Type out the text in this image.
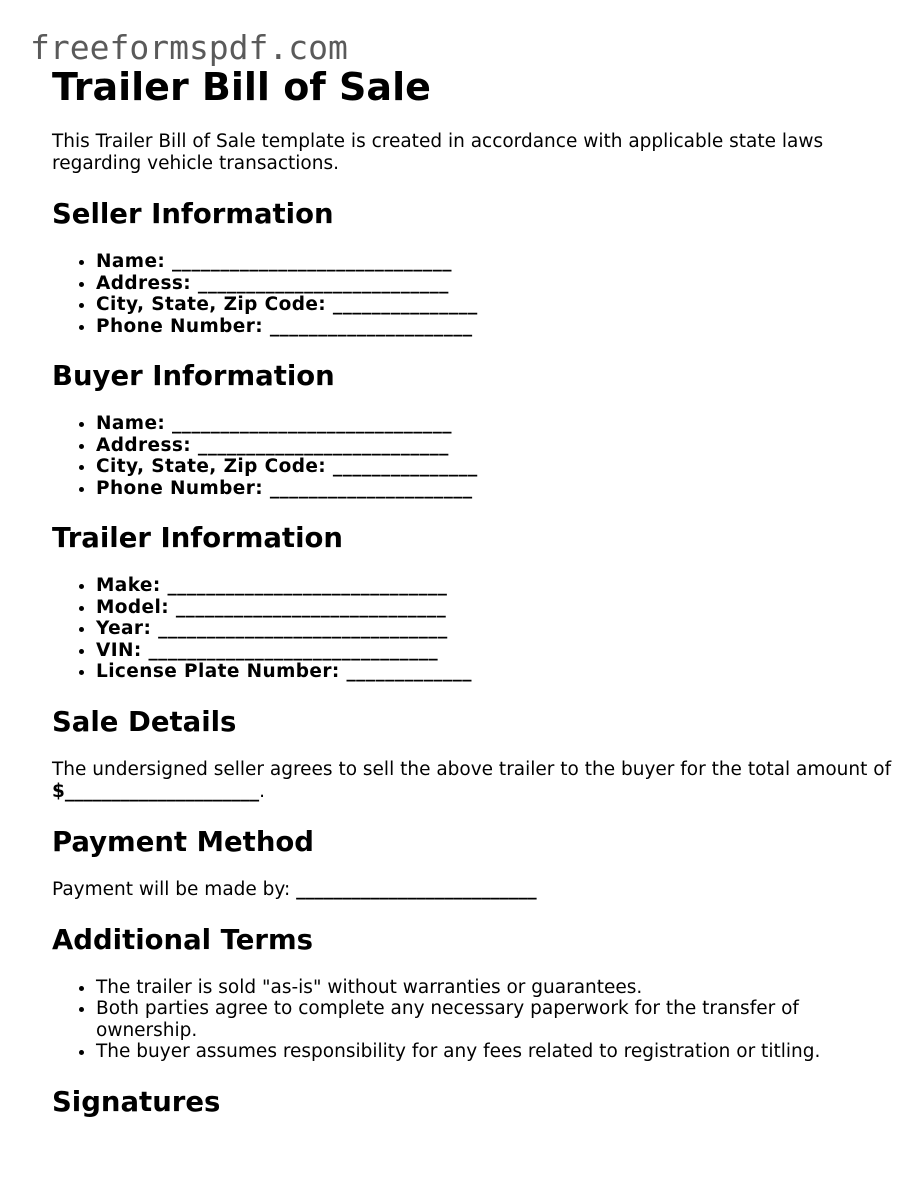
freeformspdf.com
Trailer Bill of Sale

This Trailer Bill of Sale template is created in accordance with applicable state laws regarding vehicle transactions.

Seller Information
• Name: _____________________________
• Address: __________________________
• City, State, Zip Code: _______________
• Phone Number: _____________________
Buyer Information
• Name: _____________________________
• Address: __________________________
• City, State, Zip Code: _______________
• Phone Number: _____________________
Trailer Information
• Make: _____________________________
• Model: ____________________________
• Year: ______________________________
• VIN: ______________________________
• License Plate Number: _____________
Sale Details

The undersigned seller agrees to sell the above trailer to the buyer for the total amount of $_____________________.

Payment Method

Payment will be made by: __________________________

Additional Terms
• The trailer is sold "as-is" without warranties or guarantees.
• Both parties agree to complete any necessary paperwork for the transfer of ownership.
• The buyer assumes responsibility for any fees related to registration or titling.
Signatures
